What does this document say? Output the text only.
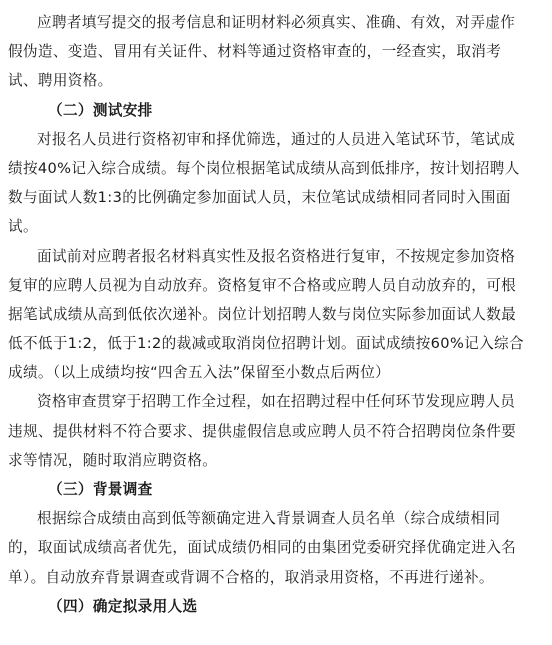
应聘者填写提交的报考信息和证明材料必须真实、准确、有效，对弄虚作
假伪造、变造、冒用有关证件、材料等通过资格审查的，一经查实，取消考
试、聘用资格。
（二）测试安排
对报名人员进行资格初审和择优筛选，通过的人员进入笔试环节，笔试成
绩按40%记入综合成绩。每个岗位根据笔试成绩从高到低排序，按计划招聘人
数与面试人数1:3的比例确定参加面试人员，末位笔试成绩相同者同时入围面
试。
面试前对应聘者报名材料真实性及报名资格进行复审，不按规定参加资格
复审的应聘人员视为自动放弃。资格复审不合格或应聘人员自动放弃的，可根
据笔试成绩从高到低依次递补。岗位计划招聘人数与岗位实际参加面试人数最
低不低于1:2，低于1:2的裁减或取消岗位招聘计划。面试成绩按60%记入综合
成绩。（以上成绩均按“四舍五入法”保留至小数点后两位）
资格审查贯穿于招聘工作全过程，如在招聘过程中任何环节发现应聘人员
违规、提供材料不符合要求、提供虚假信息或应聘人员不符合招聘岗位条件要
求等情况，随时取消应聘资格。
（三）背景调查
根据综合成绩由高到低等额确定进入背景调查人员名单（综合成绩相同
的，取面试成绩高者优先，面试成绩仍相同的由集团党委研究择优确定进入名
单）。自动放弃背景调查或背调不合格的，取消录用资格，不再进行递补。
（四）确定拟录用人选
